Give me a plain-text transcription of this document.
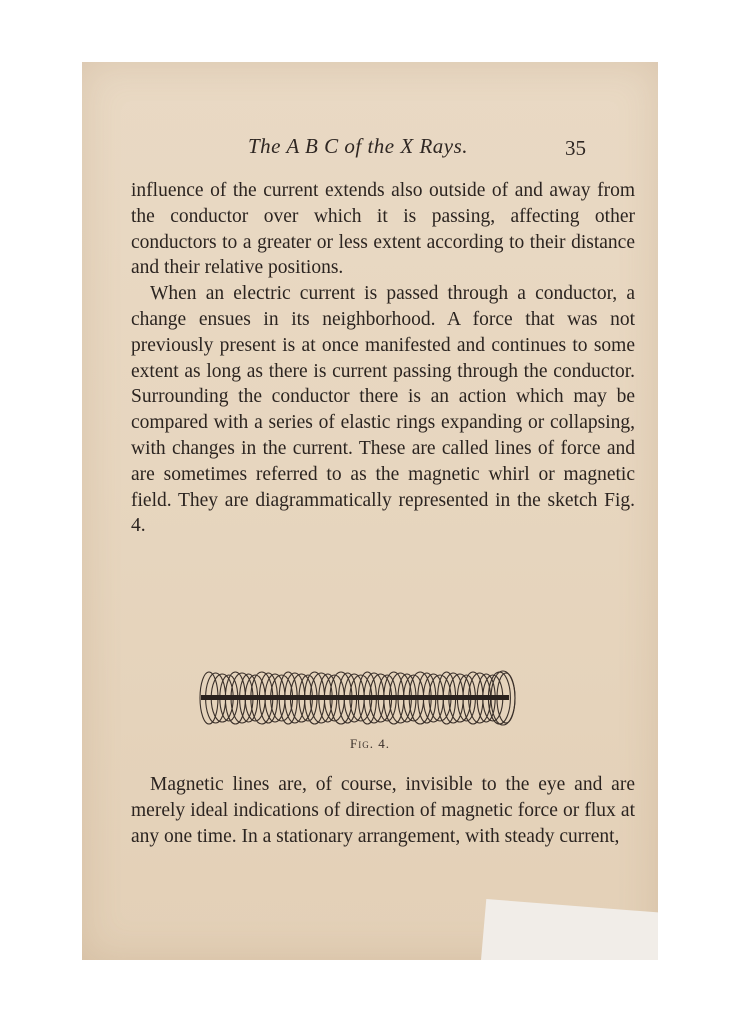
The A B C of the X Rays.	35

influence of the current extends also outside of and away from the conductor over which it is passing, affecting other conductors to a greater or less extent according to their distance and their relative positions.

When an electric current is passed through a conductor, a change ensues in its neighborhood. A force that was not previously present is at once manifested and continues to some extent as long as there is current passing through the conductor. Surrounding the conductor there is an action which may be compared with a series of elastic rings expanding or collapsing, with changes in the current. These are called lines of force and are sometimes referred to as the magnetic whirl or magnetic field. They are diagrammatically represented in the sketch Fig. 4.

Fig. 4.

Magnetic lines are, of course, invisible to the eye and are merely ideal indications of direction of magnetic force or flux at any one time. In a stationary arrangement, with steady current,
